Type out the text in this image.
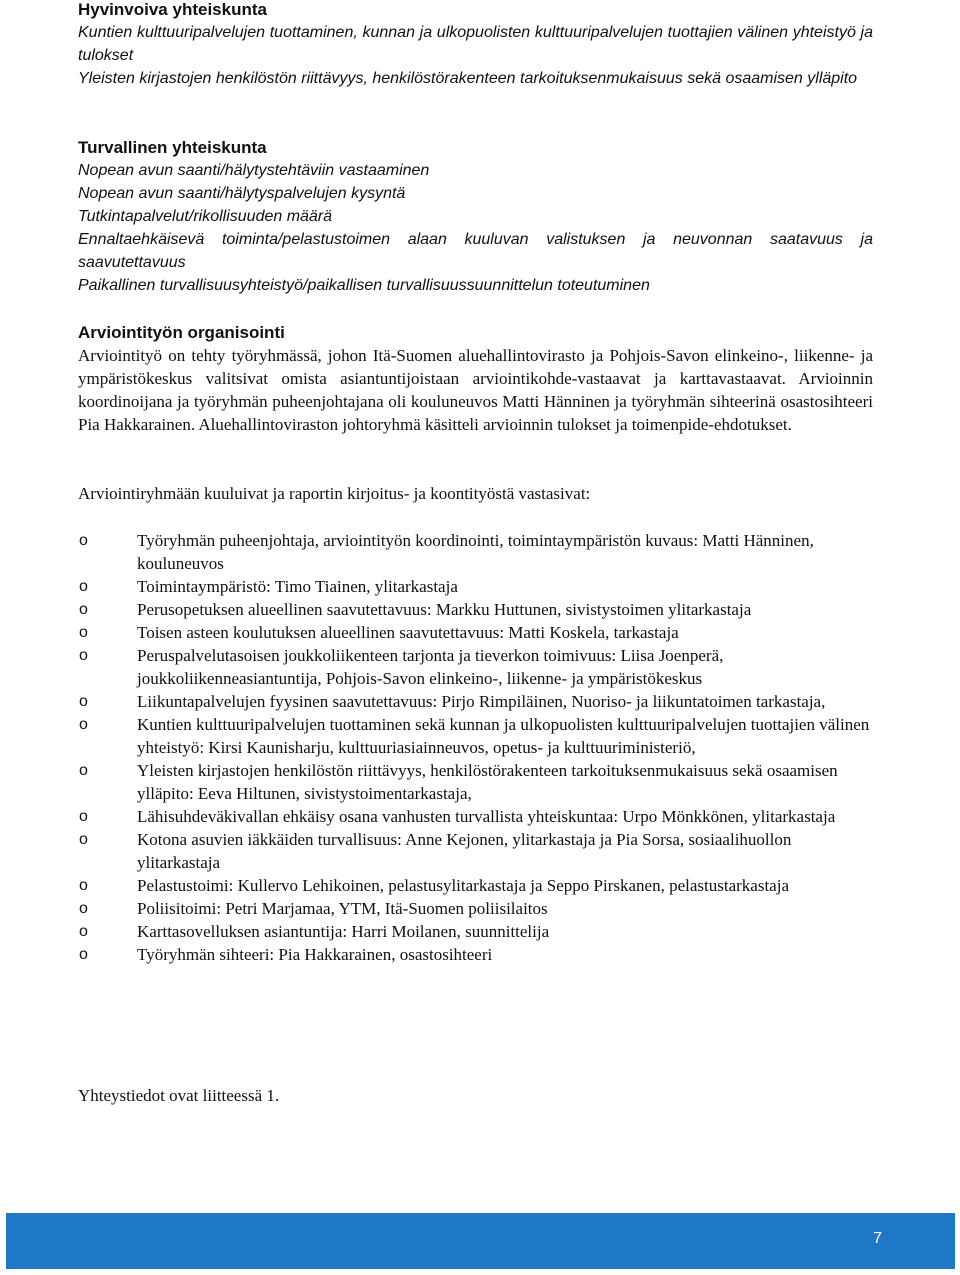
Hyvinvoiva yhteiskunta

Kuntien kulttuuripalvelujen tuottaminen, kunnan ja ulkopuolisten kulttuuripalvelujen tuottajien välinen yhteistyö ja tulokset

Yleisten kirjastojen henkilöstön riittävyys, henkilöstörakenteen tarkoituksenmukaisuus sekä osaamisen ylläpito

Turvallinen yhteiskunta

Nopean avun saanti/hälytystehtäviin vastaaminen

Nopean avun saanti/hälytyspalvelujen kysyntä

Tutkintapalvelut/rikollisuuden määrä

Ennaltaehkäisevä toiminta/pelastustoimen alaan kuuluvan valistuksen ja neuvonnan saatavuus ja saavutettavuus

Paikallinen turvallisuusyhteistyö/paikallisen turvallisuussuunnittelun toteutuminen

Arviointityön organisointi

Arviointityö on tehty työryhmässä, johon Itä-Suomen aluehallintovirasto ja Pohjois-Savon elinkeino-, liikenne- ja ympäristökeskus valitsivat omista asiantuntijoistaan arviointikohde-vastaavat ja karttavastaavat. Arvioinnin koordinoijana ja työryhmän puheenjohtajana oli kouluneuvos Matti Hänninen ja työryhmän sihteerinä osastosihteeri Pia Hakkarainen. Aluehallintoviraston johtoryhmä käsitteli arvioinnin tulokset ja toimenpide-ehdotukset.

Arviointiryhmään kuuluivat ja raportin kirjoitus- ja koontityöstä vastasivat:

o	Työryhmän puheenjohtaja, arviointityön koordinointi, toimintaympäristön kuvaus: Matti Hänninen, kouluneuvos
o	Toimintaympäristö: Timo Tiainen, ylitarkastaja
o	Perusopetuksen alueellinen saavutettavuus: Markku Huttunen, sivistystoimen ylitarkastaja
o	Toisen asteen koulutuksen alueellinen saavutettavuus: Matti Koskela, tarkastaja
o	Peruspalvelutasoisen joukkoliikenteen tarjonta ja tieverkon toimivuus: Liisa Joenperä, joukkoliikenneasiantuntija, Pohjois-Savon elinkeino-, liikenne- ja ympäristökeskus
o	Liikuntapalvelujen fyysinen saavutettavuus: Pirjo Rimpiläinen, Nuoriso- ja liikuntatoimen tarkastaja,
o	Kuntien kulttuuripalvelujen tuottaminen sekä kunnan ja ulkopuolisten kulttuuripalvelujen tuottajien välinen yhteistyö: Kirsi Kaunisharju, kulttuuriasiainneuvos, opetus- ja kulttuuriministeriö,
o	Yleisten kirjastojen henkilöstön riittävyys, henkilöstörakenteen tarkoituksenmukaisuus sekä osaamisen ylläpito: Eeva Hiltunen, sivistystoimentarkastaja,
o	Lähisuhdeväkivallan ehkäisy osana vanhusten turvallista yhteiskuntaa: Urpo Mönkkönen, ylitarkastaja
o	Kotona asuvien iäkkäiden turvallisuus: Anne Kejonen, ylitarkastaja ja Pia Sorsa, sosiaalihuollon ylitarkastaja
o	Pelastustoimi: Kullervo Lehikoinen, pelastusylitarkastaja ja Seppo Pirskanen, pelastustarkastaja
o	Poliisitoimi: Petri Marjamaa, YTM, Itä-Suomen poliisilaitos
o	Karttasovelluksen asiantuntija: Harri Moilanen, suunnittelija
o	Työryhmän sihteeri: Pia Hakkarainen, osastosihteeri

Yhteystiedot ovat liitteessä 1.

7
